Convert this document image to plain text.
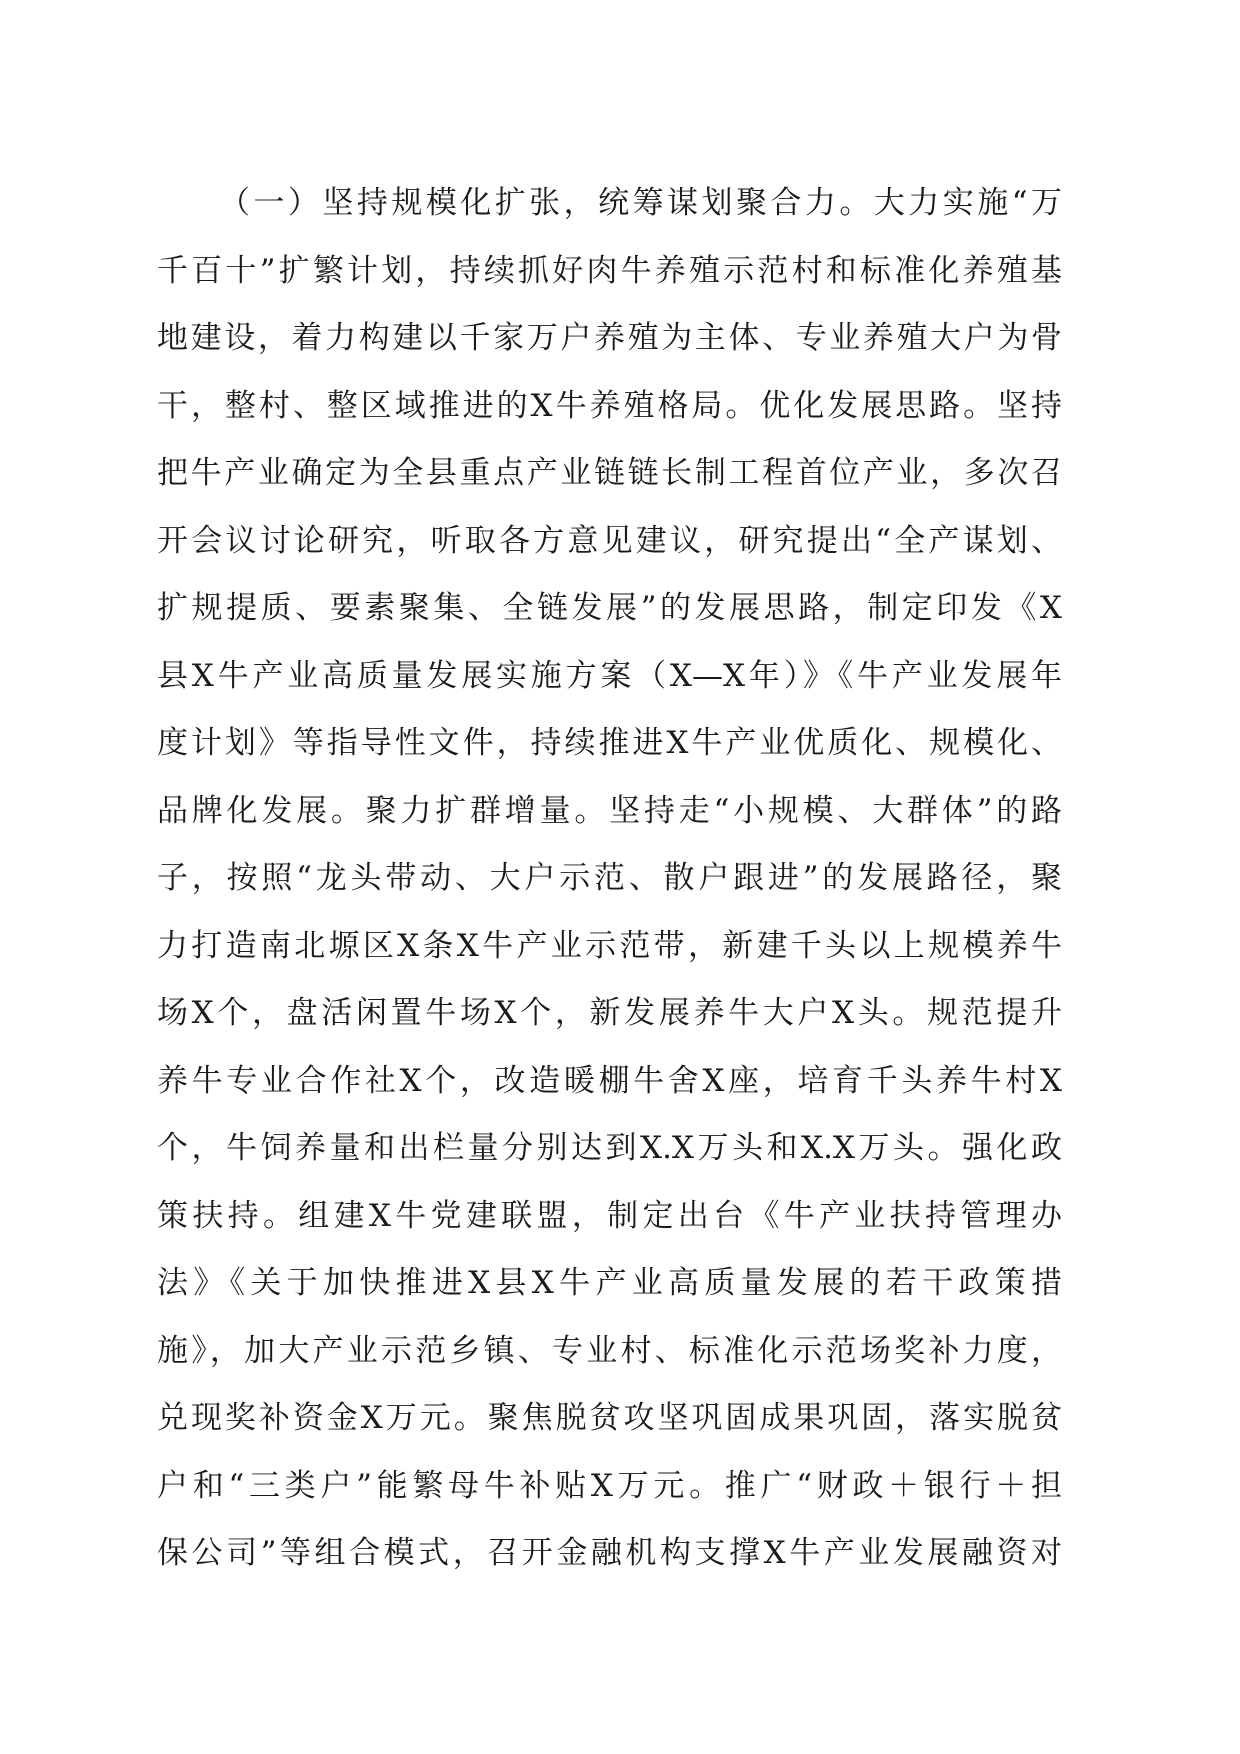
（一）坚持规模化扩张，统筹谋划聚合力。大力实施“万
千百十”扩繁计划，持续抓好肉牛养殖示范村和标准化养殖基
地建设，着力构建以千家万户养殖为主体、专业养殖大户为骨
干，整村、整区域推进的X牛养殖格局。优化发展思路。坚持
把牛产业确定为全县重点产业链链长制工程首位产业，多次召
开会议讨论研究，听取各方意见建议，研究提出“全产谋划、
扩规提质、要素聚集、全链发展”的发展思路，制定印发《X
县X牛产业高质量发展实施方案（X—X年）》《牛产业发展年
度计划》等指导性文件，持续推进X牛产业优质化、规模化、
品牌化发展。聚力扩群增量。坚持走“小规模、大群体”的路
子，按照“龙头带动、大户示范、散户跟进”的发展路径，聚
力打造南北塬区X条X牛产业示范带，新建千头以上规模养牛
场X个，盘活闲置牛场X个，新发展养牛大户X头。规范提升
养牛专业合作社X个，改造暖棚牛舍X座，培育千头养牛村X
个，牛饲养量和出栏量分别达到X.X万头和X.X万头。强化政
策扶持。组建X牛党建联盟，制定出台《牛产业扶持管理办
法》《关于加快推进X县X牛产业高质量发展的若干政策措
施》，加大产业示范乡镇、专业村、标准化示范场奖补力度，
兑现奖补资金X万元。聚焦脱贫攻坚巩固成果巩固，落实脱贫
户和“三类户”能繁母牛补贴X万元。推广“财政＋银行＋担
保公司”等组合模式，召开金融机构支撑X牛产业发展融资对
